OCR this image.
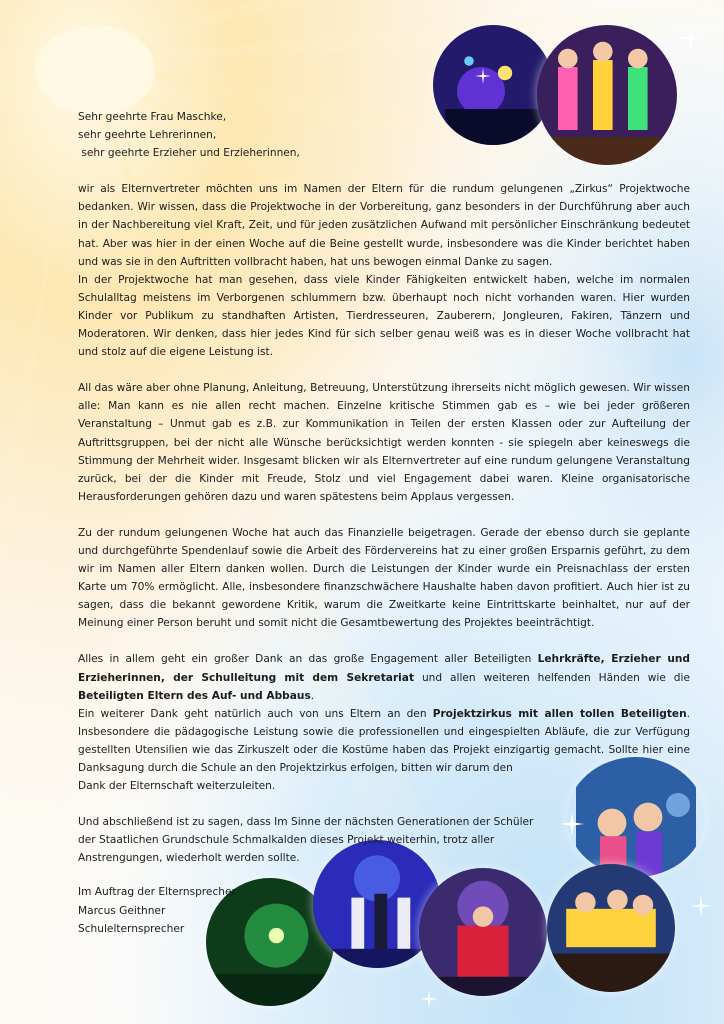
Sehr geehrte Frau Maschke,
sehr geehrte Lehrerinnen,
sehr geehrte Erzieher und Erzieherinnen,

wir als Elternvertreter möchten uns im Namen der Eltern für die rundum gelungenen „Zirkus“ Projektwoche bedanken. Wir wissen, dass die Projektwoche in der Vorbereitung, ganz besonders in der Durchführung aber auch in der Nachbereitung viel Kraft, Zeit, und für jeden zusätzlichen Aufwand mit persönlicher Einschränkung bedeutet hat. Aber was hier in der einen Woche auf die Beine gestellt wurde, insbesondere was die Kinder berichtet haben und was sie in den Auftritten vollbracht haben, hat uns bewogen einmal Danke zu sagen.

In der Projektwoche hat man gesehen, dass viele Kinder Fähigkeiten entwickelt haben, welche im normalen Schulalltag meistens im Verborgenen schlummern bzw. überhaupt noch nicht vorhanden waren. Hier wurden Kinder vor Publikum zu standhaften Artisten, Tierdresseuren, Zauberern, Jongleuren, Fakiren, Tänzern und Moderatoren. Wir denken, dass hier jedes Kind für sich selber genau weiß was es in dieser Woche vollbracht hat und stolz auf die eigene Leistung ist.

All das wäre aber ohne Planung, Anleitung, Betreuung, Unterstützung ihrerseits nicht möglich gewesen. Wir wissen alle: Man kann es nie allen recht machen. Einzelne kritische Stimmen gab es – wie bei jeder größeren Veranstaltung – Unmut gab es z.B. zur Kommunikation in Teilen der ersten Klassen oder zur Aufteilung der Auftrittsgruppen, bei der nicht alle Wünsche berücksichtigt werden konnten - sie spiegeln aber keineswegs die Stimmung der Mehrheit wider. Insgesamt blicken wir als Elternvertreter auf eine rundum gelungene Veranstaltung zurück, bei der die Kinder mit Freude, Stolz und viel Engagement dabei waren. Kleine organisatorische Herausforderungen gehören dazu und waren spätestens beim Applaus vergessen.

Zu der rundum gelungenen Woche hat auch das Finanzielle beigetragen. Gerade der ebenso durch sie geplante und durchgeführte Spendenlauf sowie die Arbeit des Fördervereins hat zu einer großen Ersparnis geführt, zu dem wir im Namen aller Eltern danken wollen. Durch die Leistungen der Kinder wurde ein Preisnachlass der ersten Karte um 70% ermöglicht. Alle, insbesondere finanzschwächere Haushalte haben davon profitiert. Auch hier ist zu sagen, dass die bekannt gewordene Kritik, warum die Zweitkarte keine Eintrittskarte beinhaltet, nur auf der Meinung einer Person beruht und somit nicht die Gesamtbewertung des Projektes beeinträchtigt.

Alles in allem geht ein großer Dank an das große Engagement aller Beteiligten Lehrkräfte, Erzieher und Erzieherinnen, der Schulleitung mit dem Sekretariat und allen weiteren helfenden Händen wie die Beteiligten Eltern des Auf- und Abbaus.

Ein weiterer Dank geht natürlich auch von uns Eltern an den Projektzirkus mit allen tollen Beteiligten. Insbesondere die pädagogische Leistung sowie die professionellen und eingespielten Abläufe, die zur Verfügung gestellten Utensilien wie das Zirkuszelt oder die Kostüme haben das Projekt einzigartig gemacht. Sollte hier eine Danksagung durch die Schule an den Projektzirkus erfolgen, bitten wir darum den

Dank der Elternschaft weiterzuleiten.
Und abschließend ist zu sagen, dass Im Sinne der nächsten Generationen der Schüler
der Staatlichen Grundschule Schmalkalden dieses Projekt weiterhin, trotz aller
Anstrengungen, wiederholt werden sollte.
Im Auftrag der Elternsprecher
Marcus Geithner
Schulelternsprecher
